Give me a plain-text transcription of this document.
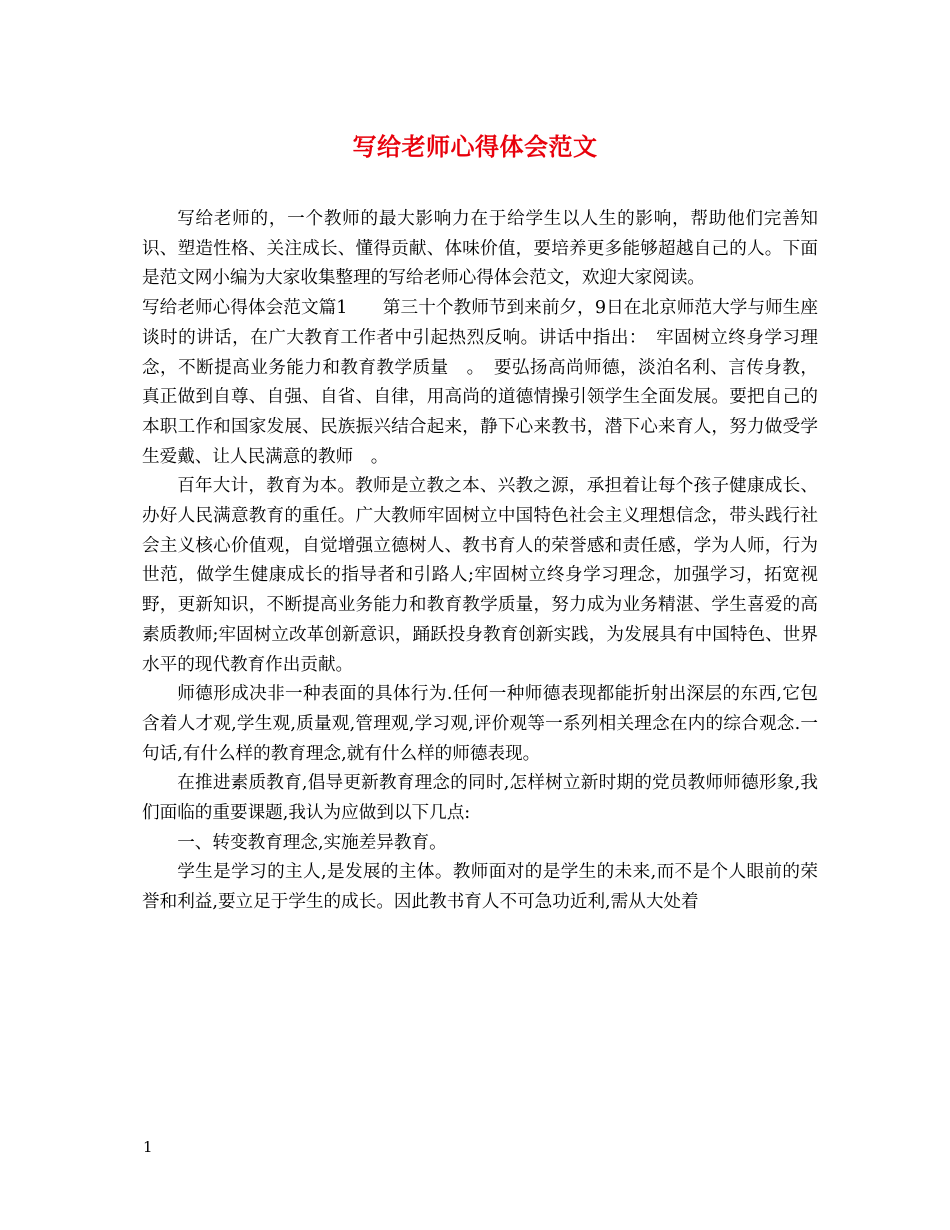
写给老师心得体会范文

写给老师的，一个教师的最大影响力在于给学生以人生的影响，帮助他们完善知识、塑造性格、关注成长、懂得贡献、体味价值，要培养更多能够超越自己的人。下面是范文网小编为大家收集整理的写给老师心得体会范文，欢迎大家阅读。

写给老师心得体会范文篇1　　第三十个教师节到来前夕，9日在北京师范大学与师生座谈时的讲话，在广大教育工作者中引起热烈反响。讲话中指出：　牢固树立终身学习理念，不断提高业务能力和教育教学质量　。　要弘扬高尚师德，淡泊名利、言传身教，真正做到自尊、自强、自省、自律，用高尚的道德情操引领学生全面发展。要把自己的本职工作和国家发展、民族振兴结合起来，静下心来教书，潜下心来育人，努力做受学生爱戴、让人民满意的教师　。

百年大计，教育为本。教师是立教之本、兴教之源，承担着让每个孩子健康成长、办好人民满意教育的重任。广大教师牢固树立中国特色社会主义理想信念，带头践行社会主义核心价值观，自觉增强立德树人、教书育人的荣誉感和责任感，学为人师，行为世范，做学生健康成长的指导者和引路人;牢固树立终身学习理念，加强学习，拓宽视野，更新知识，不断提高业务能力和教育教学质量，努力成为业务精湛、学生喜爱的高素质教师;牢固树立改革创新意识，踊跃投身教育创新实践，为发展具有中国特色、世界水平的现代教育作出贡献。

师德形成决非一种表面的具体行为.任何一种师德表现都能折射出深层的东西,它包含着人才观,学生观,质量观,管理观,学习观,评价观等一系列相关理念在内的综合观念.一句话,有什么样的教育理念,就有什么样的师德表现。

在推进素质教育,倡导更新教育理念的同时,怎样树立新时期的党员教师师德形象,我们面临的重要课题,我认为应做到以下几点:

一、转变教育理念,实施差异教育。

学生是学习的主人,是发展的主体。教师面对的是学生的未来,而不是个人眼前的荣誉和利益,要立足于学生的成长。因此教书育人不可急功近利,需从大处着

1
